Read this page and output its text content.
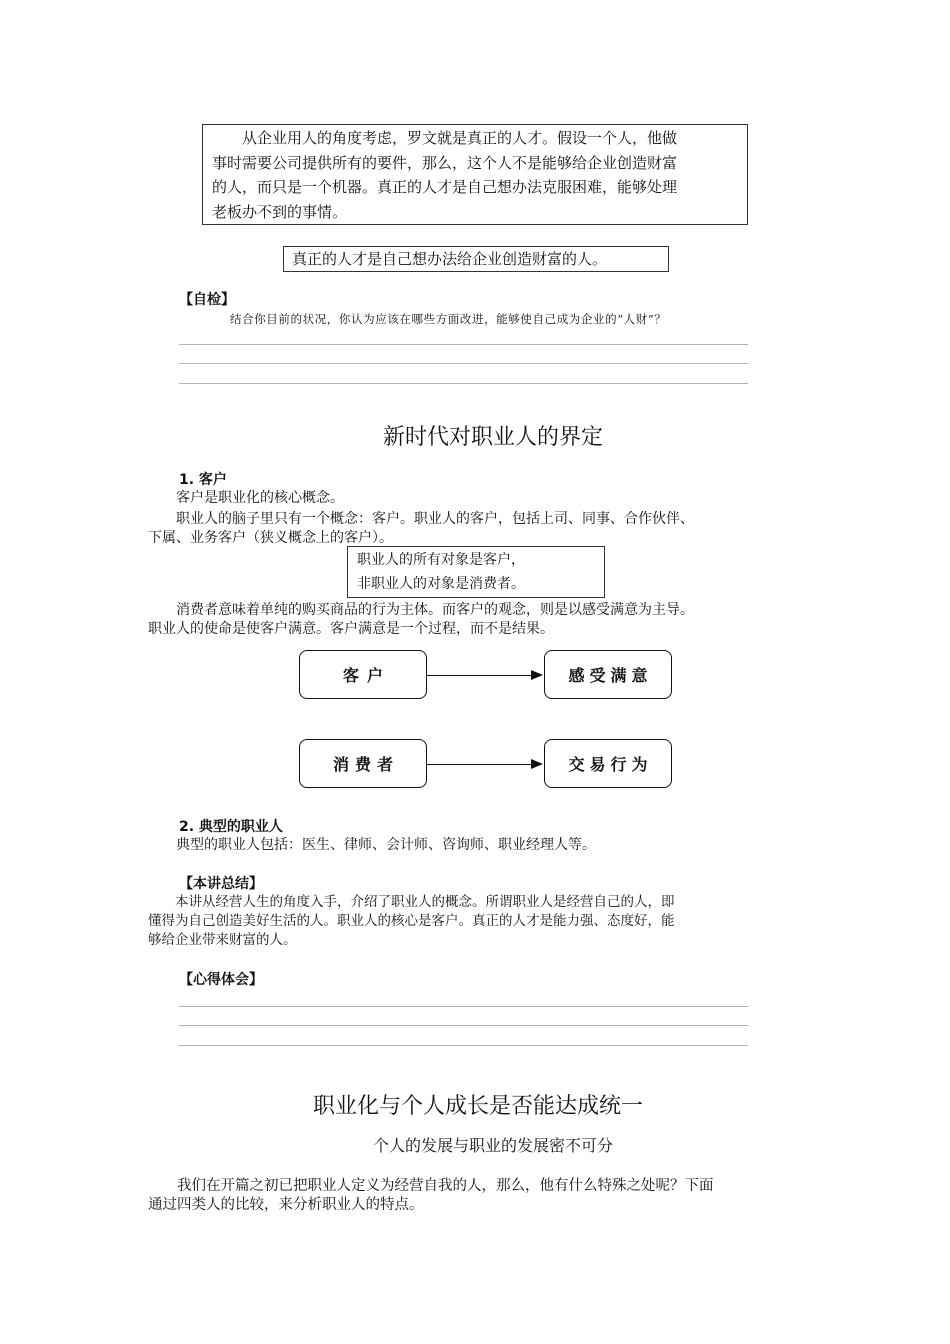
　　从企业用人的角度考虑，罗文就是真正的人才。假设一个人，他做
事时需要公司提供所有的要件，那么，这个人不是能够给企业创造财富
的人，而只是一个机器。真正的人才是自己想办法克服困难，能够处理
老板办不到的事情。
真正的人才是自己想办法给企业创造财富的人。
【自检】
结合你目前的状况，你认为应该在哪些方面改进，能够使自己成为企业的“人财”？
新时代对职业人的界定
1. 客户
　　客户是职业化的核心概念。
　　职业人的脑子里只有一个概念：客户。职业人的客户，包括上司、同事、合作伙伴、
下属、业务客户（狭义概念上的客户）。
职业人的所有对象是客户，
非职业人的对象是消费者。
　　消费者意味着单纯的购买商品的行为主体。而客户的观念，则是以感受满意为主导。
职业人的使命是使客户满意。客户满意是一个过程，而不是结果。
客户	感受满意
消费者	交易行为
2. 典型的职业人
　　典型的职业人包括：医生、律师、会计师、咨询师、职业经理人等。
【本讲总结】
　　本讲从经营人生的角度入手，介绍了职业人的概念。所谓职业人是经营自己的人，即
懂得为自己创造美好生活的人。职业人的核心是客户。真正的人才是能力强、态度好，能
够给企业带来财富的人。
【心得体会】
职业化与个人成长是否能达成统一
个人的发展与职业的发展密不可分
　　我们在开篇之初已把职业人定义为经营自我的人，那么，他有什么特殊之处呢？下面
通过四类人的比较，来分析职业人的特点。
